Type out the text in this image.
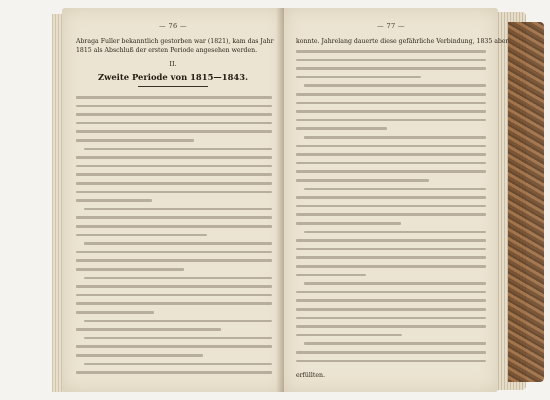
— 76 —
Abraga Fuller bekanntlich gestorben war (1821), kam das Jahr
1815 als Abschluß der ersten Periode angesehen werden.
II.
Zweite Periode von 1815—1843.
— 77 —
konnte. Jahrelang dauerte diese gefährliche Verbindung, 1835 aber
erfüllten.
